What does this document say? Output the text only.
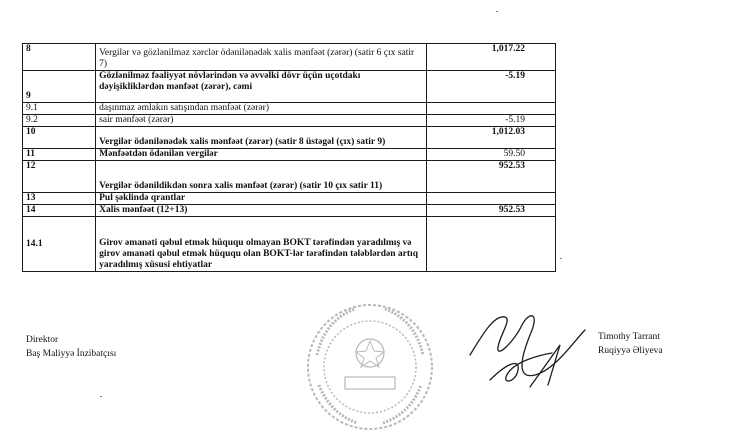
8	Vergilər və gözlənilməz xərclər ödənilənədək xalis mənfəət (zərər) (satir 6 çıx satir 7)	1,017.22
9	Gözlənilməz fəaliyyət növlərindən və əvvəlki dövr üçün uçotdakı dəyişikliklərdən mənfəət (zərər), cəmi	-5.19
9.1	daşınmaz əmlakın satışından mənfəət (zərər)	
9.2	sair mənfəət (zərər)	-5.19
10	Vergilər ödənilənədək xalis mənfəət (zərər) (satir 8 üstəgəl (çıx) satir 9)	1,012.03
11	Mənfəətdən ödənilən vergilər	59.50
12	Vergilər ödənildikdən sonra xalis mənfəət (zərər) (satir 10 çıx satir 11)	952.53
13	Pul şəklində qrantlar	
14	Xalis mənfəət (12+13)	952.53
14.1	Girov əmanəti qəbul etmək hüququ olmayan BOKT tərəfindən yaradılmış və girov əmanəti qəbul etmək hüququ olan BOKT-lər tərəfindən tələblərdən artıq yaradılmış xüsusi ehtiyatlar	
Direktor
Baş Maliyyə İnzibatçısı
Timothy Tarrant
Ruqiyyə Əliyeva
